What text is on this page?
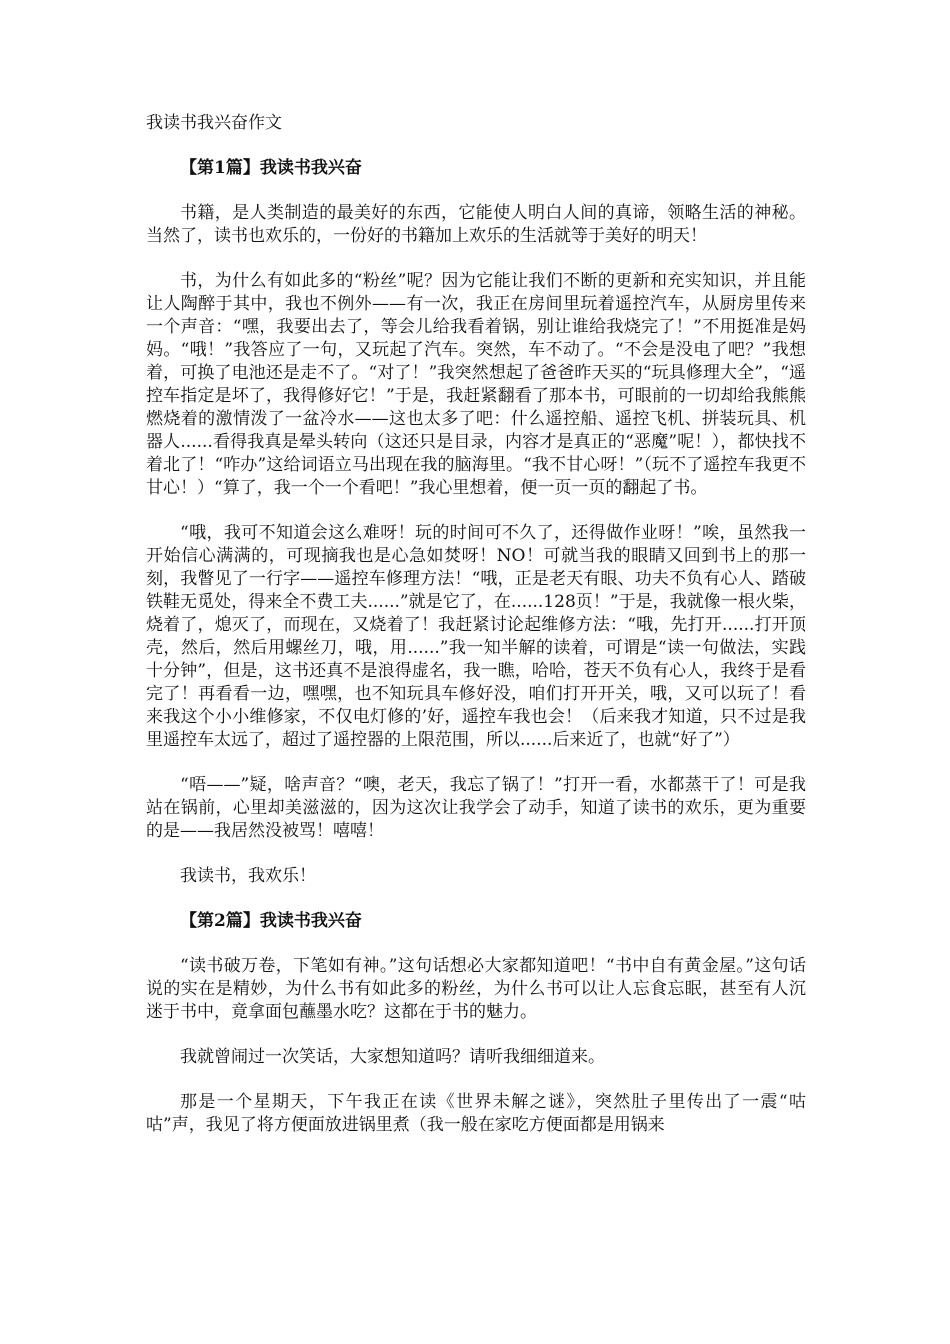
我读书我兴奋作文
【第1篇】我读书我兴奋

书籍，是人类制造的最美好的东西，它能使人明白人间的真谛，领略生活的神秘。当然了，读书也欢乐的，一份好的书籍加上欢乐的生活就等于美好的明天！

书，为什么有如此多的“粉丝”呢？因为它能让我们不断的更新和充实知识，并且能让人陶醉于其中，我也不例外——有一次，我正在房间里玩着遥控汽车，从厨房里传来一个声音：“嘿，我要出去了，等会儿给我看着锅，别让谁给我烧完了！”不用挺准是妈妈。“哦！”我答应了一句，又玩起了汽车。突然，车不动了。“不会是没电了吧？”我想着，可换了电池还是走不了。“对了！”我突然想起了爸爸昨天买的“玩具修理大全”，“遥控车指定是坏了，我得修好它！”于是，我赶紧翻看了那本书，可眼前的一切却给我熊熊燃烧着的激情泼了一盆冷水——这也太多了吧：什么遥控船、遥控飞机、拼装玩具、机器人......看得我真是晕头转向（这还只是目录，内容才是真正的“恶魔”呢！），都快找不着北了！“咋办”这给词语立马出现在我的脑海里。“我不甘心呀！”（玩不了遥控车我更不甘心！）“算了，我一个一个看吧！”我心里想着，便一页一页的翻起了书。

“哦，我可不知道会这么难呀！玩的时间可不久了，还得做作业呀！”唉，虽然我一开始信心满满的，可现摘我也是心急如焚呀！NO！可就当我的眼睛又回到书上的那一刻，我瞥见了一行字——遥控车修理方法！“哦，正是老天有眼、功夫不负有心人、踏破铁鞋无觅处，得来全不费工夫......”就是它了，在......128页！”于是，我就像一根火柴，烧着了，熄灭了，而现在，又烧着了！我赶紧讨论起维修方法：“哦，先打开......打开顶壳，然后，然后用螺丝刀，哦，用......”我一知半解的读着，可谓是“读一句做法，实践十分钟”，但是，这书还真不是浪得虚名，我一瞧，哈哈，苍天不负有心人，我终于是看完了！再看看一边，嘿嘿，也不知玩具车修好没，咱们打开开关，哦，又可以玩了！看来我这个小小维修家，不仅电灯修的’好，遥控车我也会！（后来我才知道，只不过是我里遥控车太远了，超过了遥控器的上限范围，所以......后来近了，也就“好了”）

“唔——”疑，啥声音？“噢，老天，我忘了锅了！”打开一看，水都蒸干了！可是我站在锅前，心里却美滋滋的，因为这次让我学会了动手，知道了读书的欢乐，更为重要的是——我居然没被骂！嘻嘻！

我读书，我欢乐！

【第2篇】我读书我兴奋

“读书破万卷，下笔如有神。”这句话想必大家都知道吧！“书中自有黄金屋。”这句话说的实在是精妙，为什么书有如此多的粉丝，为什么书可以让人忘食忘眠，甚至有人沉迷于书中，竟拿面包蘸墨水吃？这都在于书的魅力。

我就曾闹过一次笑话，大家想知道吗？请听我细细道来。

那是一个星期天，下午我正在读《世界未解之谜》，突然肚子里传出了一震“咕咕”声，我见了将方便面放进锅里煮（我一般在家吃方便面都是用锅来
